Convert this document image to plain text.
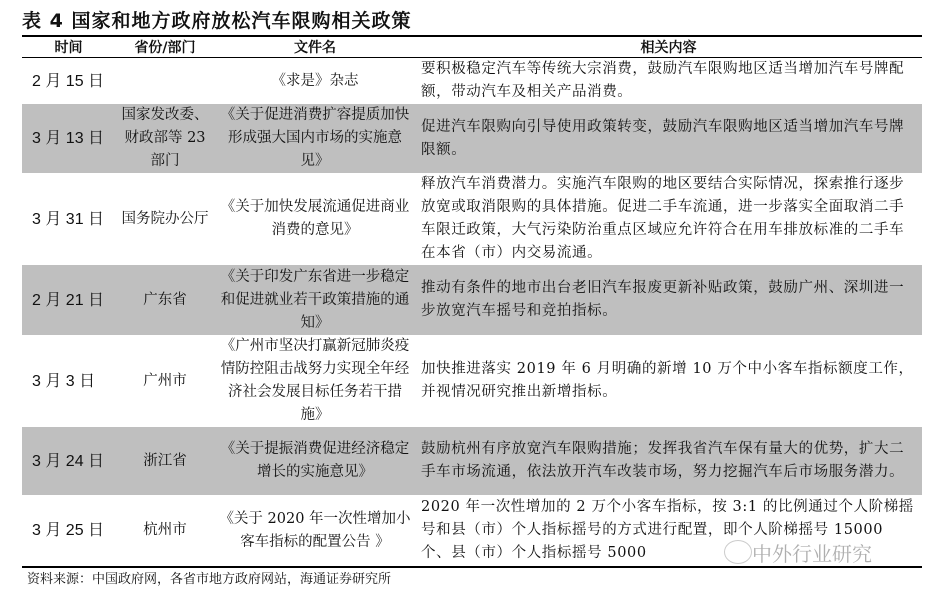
表 4 国家和地方政府放松汽车限购相关政策
时间	省份/部门	文件名	相关内容
2 月 15 日		《求是》杂志	要积极稳定汽车等传统大宗消费，鼓励汽车限购地区适当增加汽车号牌配额，带动汽车及相关产品消费。
3 月 13 日	国家发改委、财政部等 23 部门	《关于促进消费扩容提质加快形成强大国内市场的实施意见》	促进汽车限购向引导使用政策转变，鼓励汽车限购地区适当增加汽车号牌限额。
3 月 31 日	国务院办公厅	《关于加快发展流通促进商业消费的意见》	释放汽车消费潜力。实施汽车限购的地区要结合实际情况，探索推行逐步放宽或取消限购的具体措施。促进二手车流通，进一步落实全面取消二手车限迁政策，大气污染防治重点区域应允许符合在用车排放标准的二手车在本省（市）内交易流通。
2 月 21 日	广东省	《关于印发广东省进一步稳定和促进就业若干政策措施的通知》	推动有条件的地市出台老旧汽车报废更新补贴政策，鼓励广州、深圳进一步放宽汽车摇号和竞拍指标。
3 月 3 日	广州市	《广州市坚决打赢新冠肺炎疫情防控阻击战努力实现全年经济社会发展目标任务若干措施》	加快推进落实 2019 年 6 月明确的新增 10 万个中小客车指标额度工作，并视情况研究推出新增指标。
3 月 24 日	浙江省	《关于提振消费促进经济稳定增长的实施意见》	鼓励杭州有序放宽汽车限购措施；发挥我省汽车保有量大的优势，扩大二手车市场流通，依法放开汽车改装市场，努力挖掘汽车后市场服务潜力。
3 月 25 日	杭州市	《关于 2020 年一次性增加小客车指标的配置公告 》	2020 年一次性增加的 2 万个小客车指标，按 3:1 的比例通过个人阶梯摇号和县（市）个人指标摇号的方式进行配置，即个人阶梯摇号 15000 个、县（市）个人指标摇号 5000
资料来源：中国政府网，各省市地方政府网站，海通证券研究所
中外行业研究
